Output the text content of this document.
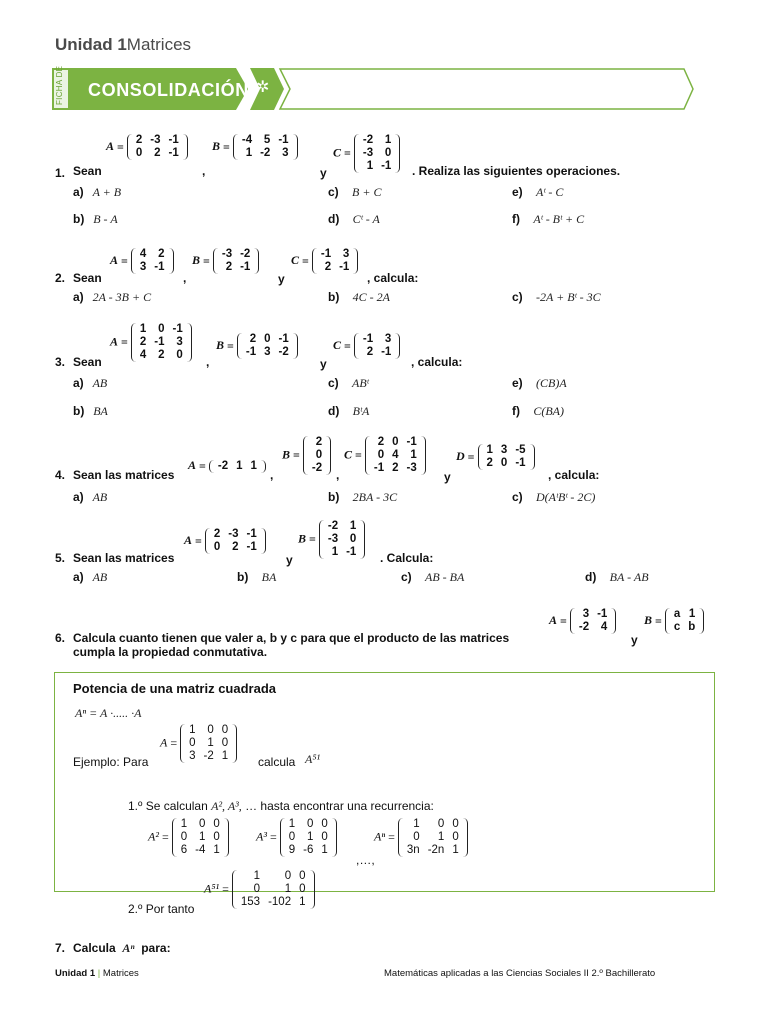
Unidad 1Matrices
FICHA DE CONSOLIDACIÓN ✲
1. Sean
A = 2	-3	-1
0	2	-1
,
B = -4	5	-1
1	-2	3
y
C =
-2	1
-3	0
1	-1 . Realiza las siguientes operaciones.
a) A + B
b) B - A
c) B + C
d) Cᵗ - A
e) Aᵗ - C
f) Aᵗ - Bᵗ + C
2. Sean
A = 4	2
3	-1
,
B = -3	-2
2	-1
y
C = -1	3
2	-1
, calcula:
a) 2A - 3B + C	b) 4C - 2A	c) -2A + Bᵗ - 3C
3. Sean
A =
1	0	-1
2	-1	3
4	2	0 ,
B = 2	0	-1
-1	3	-2
y
C = -1	3
2	-1
, calcula:
a) AB
b) BA
c) ABᵗ
d) BᵗA
e) (CB)A
f) C(BA)
4. Sean las matrices
A = -2	1	1
,
B =
2
0
-2 ,
C =
2	0	-1
0	4	1
-1	2	-3
y
D = 1	3	-5
2	0	-1
, calcula:
a) AB	b) 2BA - 3C	c) D(AᵗBᵗ - 2C)
5. Sean las matrices
A = 2	-3	-1
0	2	-1
y
B =
-2	1
-3	0
1	-1 . Calcula:
a) AB	b) BA	c) AB - BA	d) BA - AB
6. Calcula cuanto tienen que valer a, b y c para que el producto de las matrices
cumpla la propiedad conmutativa.
A = 3	-1
-2	4
y
B = a	1
c	b
Potencia de una matriz cuadrada
Aⁿ = A ·..... ·A
Ejemplo: Para
A =
1	0	0
0	1	0
3	-2	1 calcula A⁵¹
1.º Se calculan A², A³, … hasta encontrar una recurrencia:
A² =
1	0	0
0	1	0
6	-4	1
A³ =
1	0	0
0	1	0
9	-6	1
,…,
Aⁿ =
1	0	0
0	1	0
3n	-2n	1
A⁵¹ =
1	0	0
0	1	0
153	-102	1
2.º Por tanto
7. Calcula Aⁿ para:
Unidad 1 | Matrices	Matemáticas aplicadas a las Ciencias Sociales II 2.º Bachillerato
